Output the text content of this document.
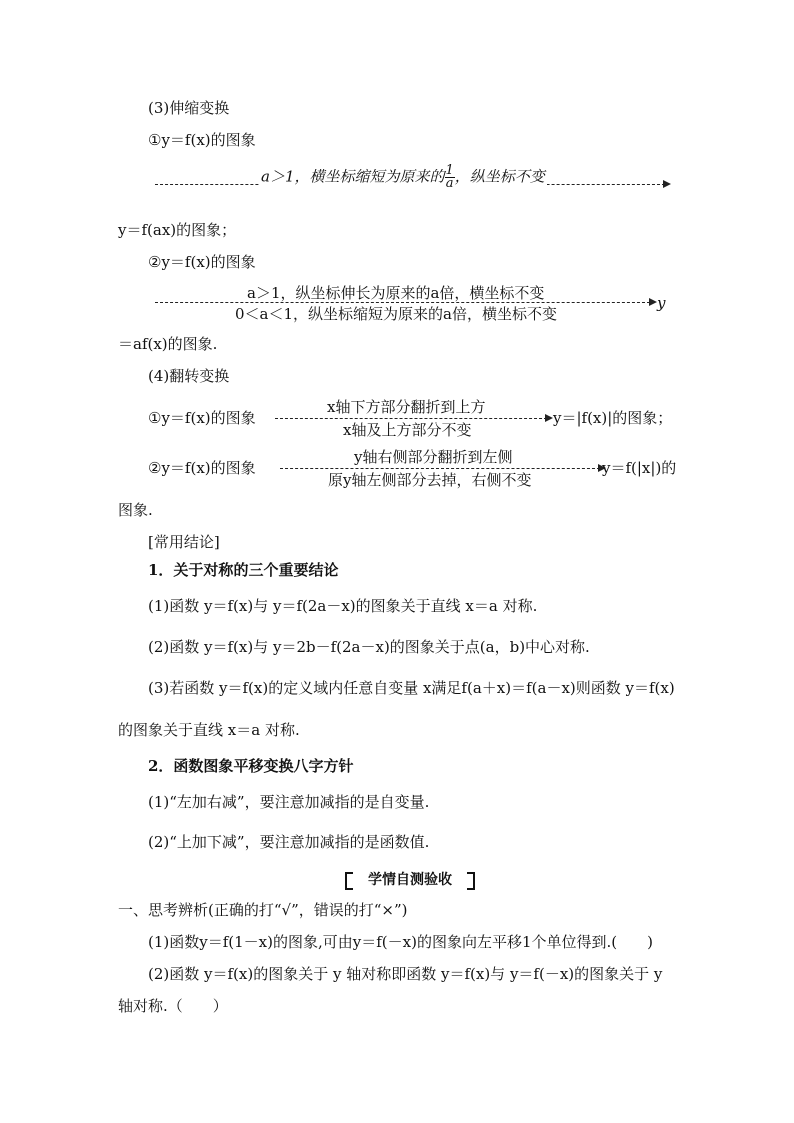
(3)伸缩变换
①y＝f(x)的图象
a＞1，横坐标缩短为原来的 $\frac{1}{a}$ ，纵坐标不变
y＝f(ax)的图象；
②y＝f(x)的图象
a＞1，纵坐标伸长为原来的a倍，横坐标不变
0＜a＜1，纵坐标缩短为原来的a倍，横坐标不变
y
＝af(x)的图象.
(4)翻转变换
①y＝f(x)的图象
x轴下方部分翻折到上方
x轴及上方部分不变
y＝|f(x)|的图象；
②y＝f(x)的图象
y轴右侧部分翻折到左侧
原y轴左侧部分去掉，右侧不变
y＝f(|x|)的
图象.
[常用结论]
1．关于对称的三个重要结论
(1)函数 y＝f(x)与 y＝f(2a－x)的图象关于直线 x＝a 对称.
(2)函数 y＝f(x)与 y＝2b－f(2a－x)的图象关于点(a，b)中心对称.
(3)若函数 y＝f(x)的定义域内任意自变量 x满足f(a＋x)＝f(a－x)则函数 y＝f(x)
的图象关于直线 x＝a 对称.
2．函数图象平移变换八字方针
(1)“左加右减”，要注意加减指的是自变量.
(2)“上加下减”，要注意加减指的是函数值.
学情自测验收
一、思考辨析(正确的打“√”，错误的打“×”)
(1)函数y＝f(1－x)的图象,可由y＝f(－x)的图象向左平移1个单位得到.(　　)
(2)函数 y＝f(x)的图象关于 y 轴对称即函数 y＝f(x)与 y＝f(－x)的图象关于 y
轴对称.（　　）
